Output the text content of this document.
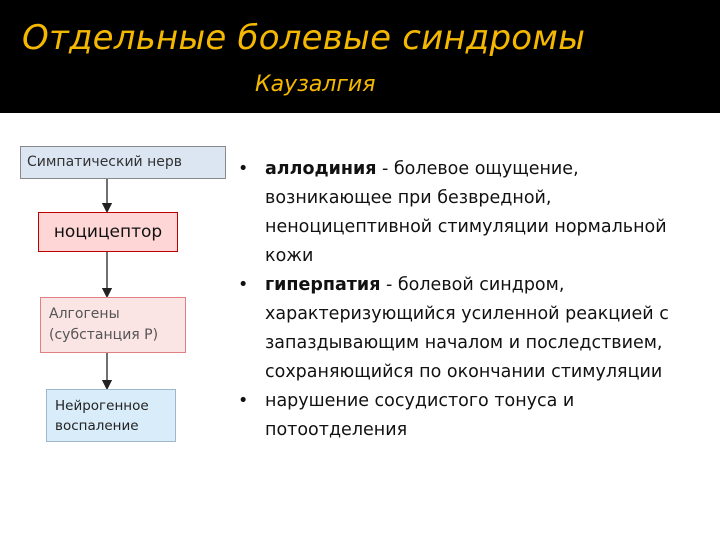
Отдельные болевые синдромы
Каузалгия
Симпатический нерв
ноцицептор
Алгогены
(субстанция Р)
Нейрогенное
воспаление
• аллодиния - болевое ощущение, возникающее при безвредной, неноцицептивной стимуляции нормальной кожи
• гиперпатия - болевой синдром, характеризующийся усиленной реакцией с запаздывающим началом и последствием, сохраняющийся по окончании стимуляции
• нарушение сосудистого тонуса и потоотделения
